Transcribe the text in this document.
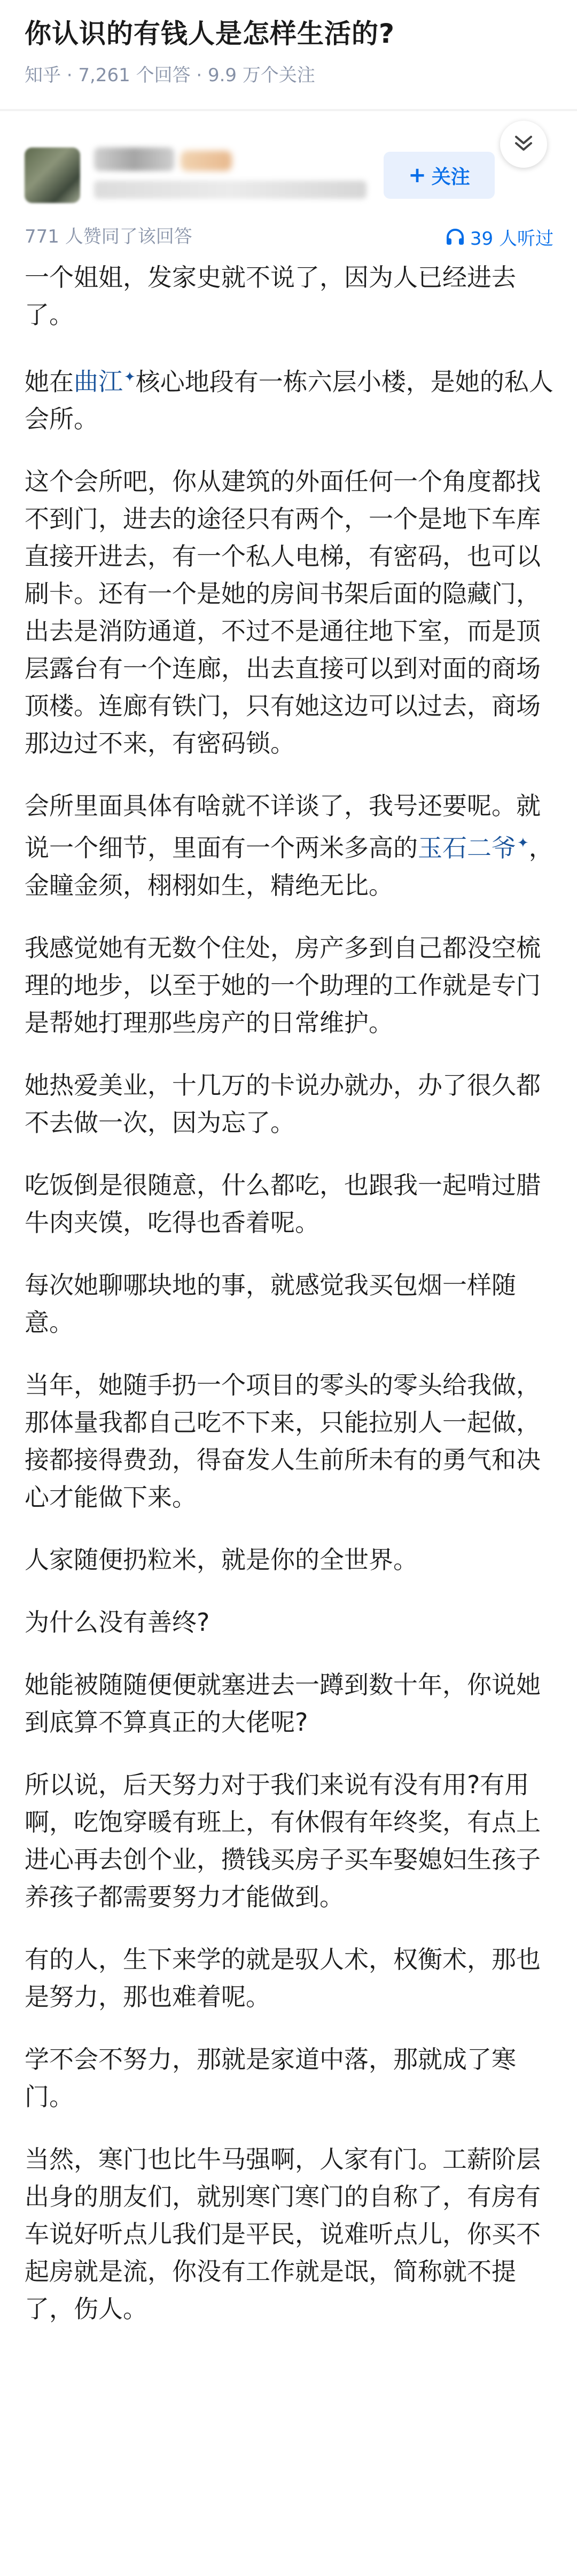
你认识的有钱人是怎样生活的?
知乎 · 7,261 个回答 · 9.9 万个关注
+ 关注
771 人赞同了该回答	39 人听过

一个姐姐，发家史就不说了，因为人已经进去了。

她在曲江✦核心地段有一栋六层小楼，是她的私人会所。

这个会所吧，你从建筑的外面任何一个角度都找不到门，进去的途径只有两个，一个是地下车库直接开进去，有一个私人电梯，有密码，也可以刷卡。还有一个是她的房间书架后面的隐藏门，出去是消防通道，不过不是通往地下室，而是顶层露台有一个连廊，出去直接可以到对面的商场顶楼。连廊有铁门，只有她这边可以过去，商场那边过不来，有密码锁。

会所里面具体有啥就不详谈了，我号还要呢。就说一个细节，里面有一个两米多高的玉石二爷✦，金瞳金须，栩栩如生，精绝无比。

我感觉她有无数个住处，房产多到自己都没空梳理的地步，以至于她的一个助理的工作就是专门是帮她打理那些房产的日常维护。

她热爱美业，十几万的卡说办就办，办了很久都不去做一次，因为忘了。

吃饭倒是很随意，什么都吃，也跟我一起啃过腊牛肉夹馍，吃得也香着呢。

每次她聊哪块地的事，就感觉我买包烟一样随意。

当年，她随手扔一个项目的零头的零头给我做，那体量我都自己吃不下来，只能拉别人一起做，接都接得费劲，得奋发人生前所未有的勇气和决心才能做下来。

人家随便扔粒米，就是你的全世界。

为什么没有善终?

她能被随随便便就塞进去一蹲到数十年，你说她到底算不算真正的大佬呢?

所以说，后天努力对于我们来说有没有用?有用啊，吃饱穿暖有班上，有休假有年终奖，有点上进心再去创个业，攒钱买房子买车娶媳妇生孩子养孩子都需要努力才能做到。

有的人，生下来学的就是驭人术，权衡术，那也是努力，那也难着呢。

学不会不努力，那就是家道中落，那就成了寒门。

当然，寒门也比牛马强啊，人家有门。工薪阶层出身的朋友们，就别寒门寒门的自称了，有房有车说好听点儿我们是平民，说难听点儿，你买不起房就是流，你没有工作就是氓，简称就不提了，伤人。
